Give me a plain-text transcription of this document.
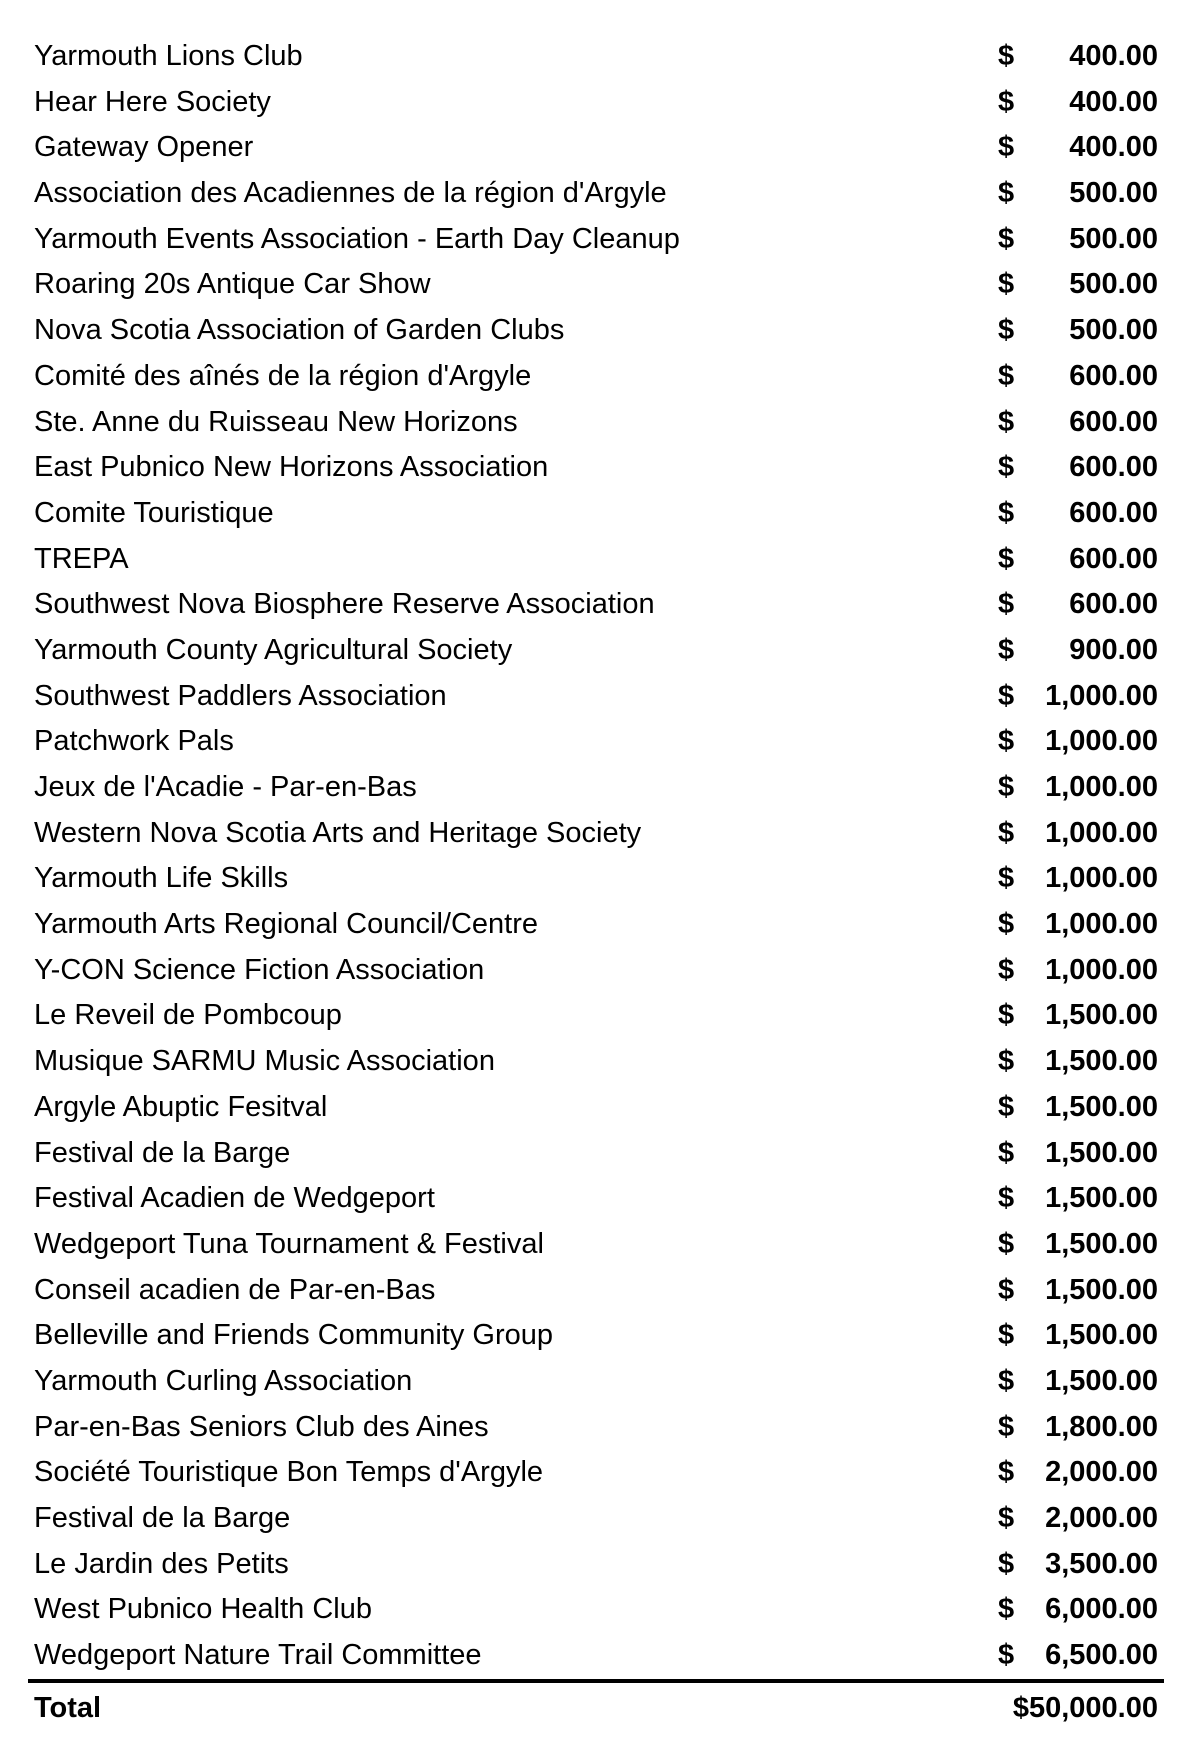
Yarmouth Lions Club	$ 400.00
Hear Here Society	$ 400.00
Gateway Opener	$ 400.00
Association des Acadiennes de la région d'Argyle	$ 500.00
Yarmouth Events Association - Earth Day Cleanup	$ 500.00
Roaring 20s Antique Car Show	$ 500.00
Nova Scotia Association of Garden Clubs	$ 500.00
Comité des aînés de la région d'Argyle	$ 600.00
Ste. Anne du Ruisseau New Horizons	$ 600.00
East Pubnico New Horizons Association	$ 600.00
Comite Touristique	$ 600.00
TREPA	$ 600.00
Southwest Nova Biosphere Reserve Association	$ 600.00
Yarmouth County Agricultural Society	$ 900.00
Southwest Paddlers Association	$ 1,000.00
Patchwork Pals	$ 1,000.00
Jeux de l'Acadie - Par-en-Bas	$ 1,000.00
Western Nova Scotia Arts and Heritage Society	$ 1,000.00
Yarmouth Life Skills	$ 1,000.00
Yarmouth Arts Regional Council/Centre	$ 1,000.00
Y-CON Science Fiction Association	$ 1,000.00
Le Reveil de Pombcoup	$ 1,500.00
Musique SARMU Music Association	$ 1,500.00
Argyle Abuptic Fesitval	$ 1,500.00
Festival de la Barge	$ 1,500.00
Festival Acadien de Wedgeport	$ 1,500.00
Wedgeport Tuna Tournament & Festival	$ 1,500.00
Conseil acadien de Par-en-Bas	$ 1,500.00
Belleville and Friends Community Group	$ 1,500.00
Yarmouth Curling Association	$ 1,500.00
Par-en-Bas Seniors Club des Aines	$ 1,800.00
Société Touristique Bon Temps d'Argyle	$ 2,000.00
Festival de la Barge	$ 2,000.00
Le Jardin des Petits	$ 3,500.00
West Pubnico Health Club	$ 6,000.00
Wedgeport Nature Trail Committee	$ 6,500.00
Total	$50,000.00
